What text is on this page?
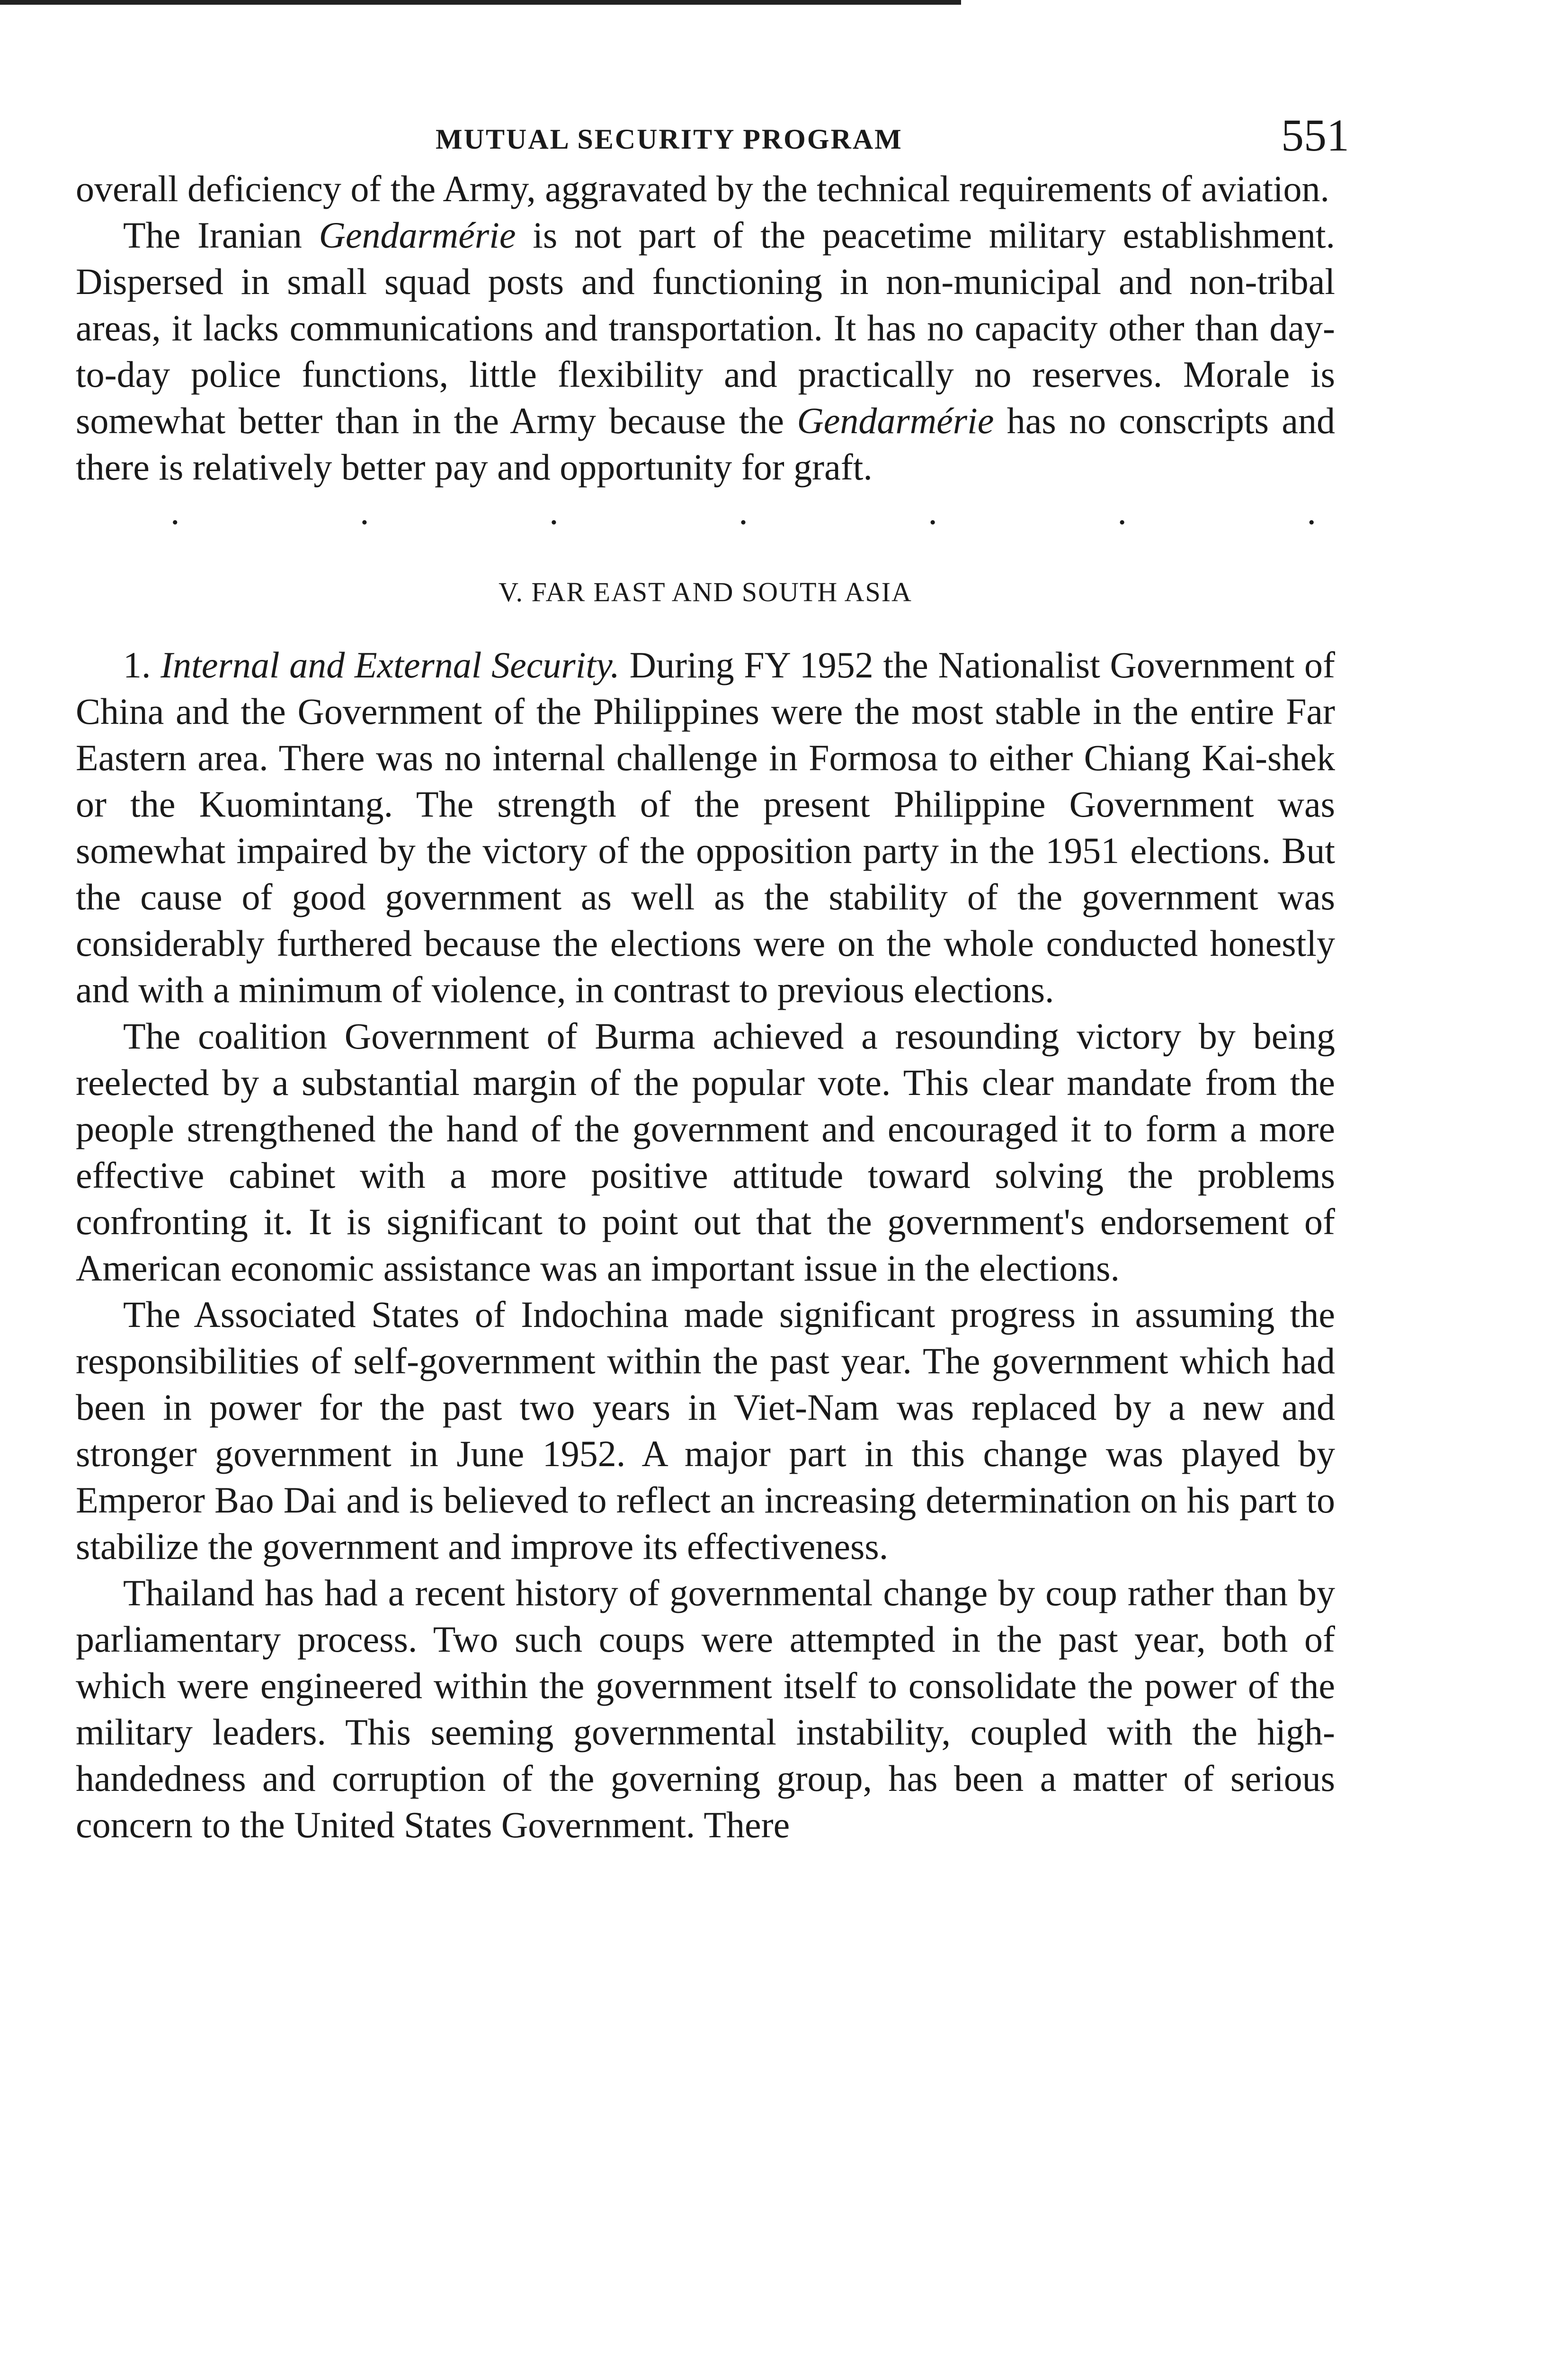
MUTUAL SECURITY PROGRAM	551

overall deficiency of the Army, aggravated by the technical requirements of aviation.

The Iranian Gendarmérie is not part of the peacetime military establishment. Dispersed in small squad posts and functioning in non-municipal and non-tribal areas, it lacks communications and transportation. It has no capacity other than day-to-day police functions, little flexibility and practically no reserves. Morale is somewhat better than in the Army because the Gendarmérie has no conscripts and there is relatively better pay and opportunity for graft.

.	.	.	.	.	.	.
V. FAR EAST AND SOUTH ASIA

1. Internal and External Security. During FY 1952 the Nationalist Government of China and the Government of the Philippines were the most stable in the entire Far Eastern area. There was no internal challenge in Formosa to either Chiang Kai-shek or the Kuomintang. The strength of the present Philippine Government was somewhat impaired by the victory of the opposition party in the 1951 elections. But the cause of good government as well as the stability of the government was considerably furthered because the elections were on the whole conducted honestly and with a minimum of violence, in contrast to previous elections.

The coalition Government of Burma achieved a resounding victory by being reelected by a substantial margin of the popular vote. This clear mandate from the people strengthened the hand of the government and encouraged it to form a more effective cabinet with a more positive attitude toward solving the problems confronting it. It is significant to point out that the government's endorsement of American economic assistance was an important issue in the elections.

The Associated States of Indochina made significant progress in assuming the responsibilities of self-government within the past year. The government which had been in power for the past two years in Viet-Nam was replaced by a new and stronger government in June 1952. A major part in this change was played by Emperor Bao Dai and is believed to reflect an increasing determination on his part to stabilize the government and improve its effectiveness.

Thailand has had a recent history of governmental change by coup rather than by parliamentary process. Two such coups were attempted in the past year, both of which were engineered within the government itself to consolidate the power of the military leaders. This seeming governmental instability, coupled with the high-handedness and corruption of the governing group, has been a matter of serious concern to the United States Government. There
